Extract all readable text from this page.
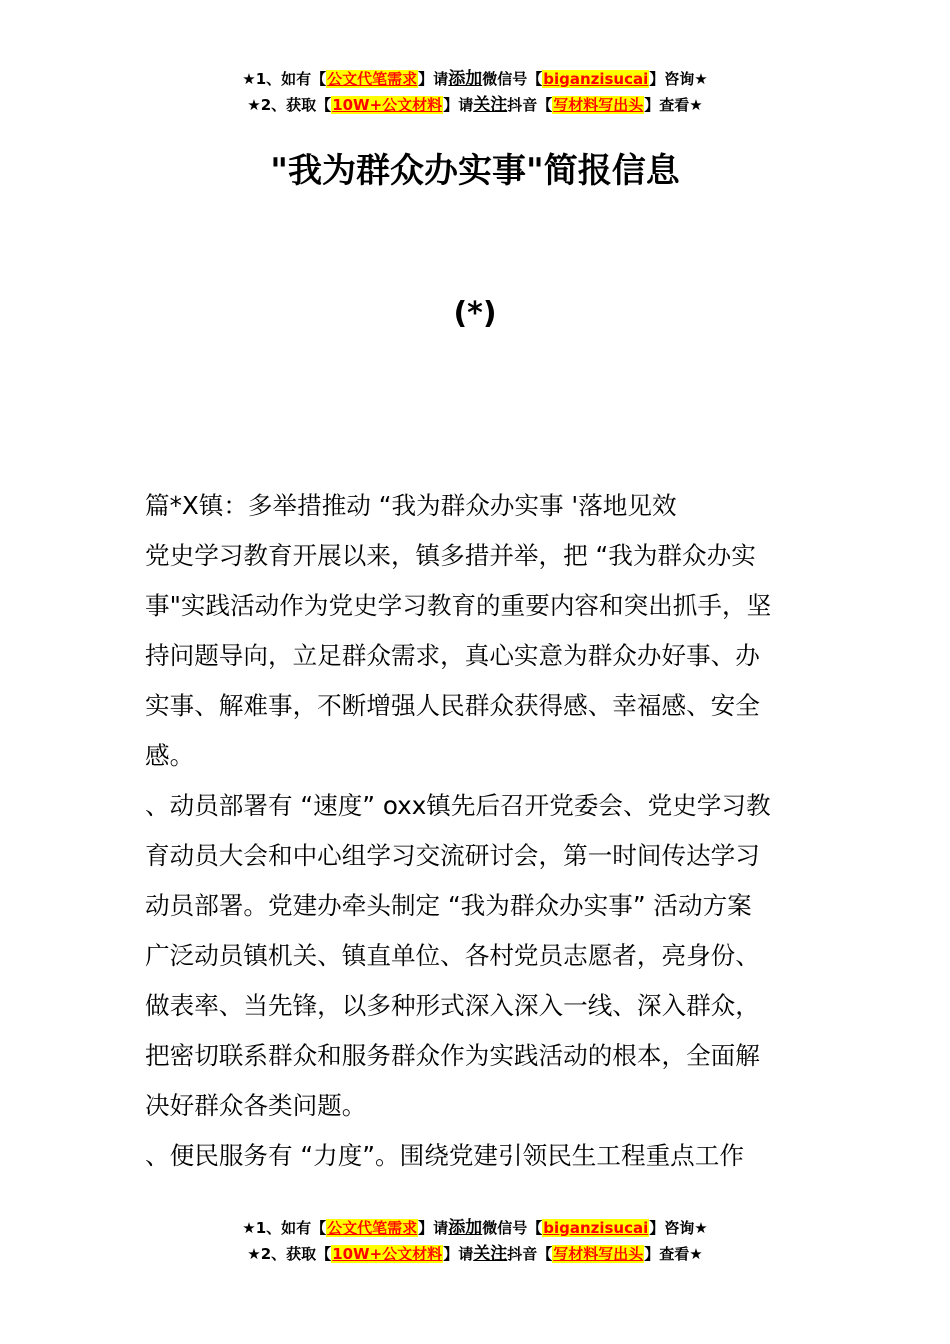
★1、如有【公文代笔需求】请添加微信号【biganzisucai】咨询★
★2、获取【10W+公文材料】请关注抖音【写材料写出头】查看★
"我为群众办实事"简报信息
(*)
篇*X镇：多举措推动 “我为群众办实事 '落地见效
党史学习教育开展以来，镇多措并举，把 “我为群众办实
事"实践活动作为党史学习教育的重要内容和突出抓手，坚
持问题导向，立足群众需求，真心实意为群众办好事、办
实事、解难事，不断增强人民群众获得感、幸福感、安全
感。
、动员部署有 “速度” oxx镇先后召开党委会、党史学习教
育动员大会和中心组学习交流研讨会，第一时间传达学习
动员部署。党建办牵头制定 “我为群众办实事” 活动方案
广泛动员镇机关、镇直单位、各村党员志愿者，亮身份、
做表率、当先锋，以多种形式深入深入一线、深入群众，
把密切联系群众和服务群众作为实践活动的根本，全面解
决好群众各类问题。
、便民服务有 “力度”。围绕党建引领民生工程重点工作
★1、如有【公文代笔需求】请添加微信号【biganzisucai】咨询★
★2、获取【10W+公文材料】请关注抖音【写材料写出头】查看★
